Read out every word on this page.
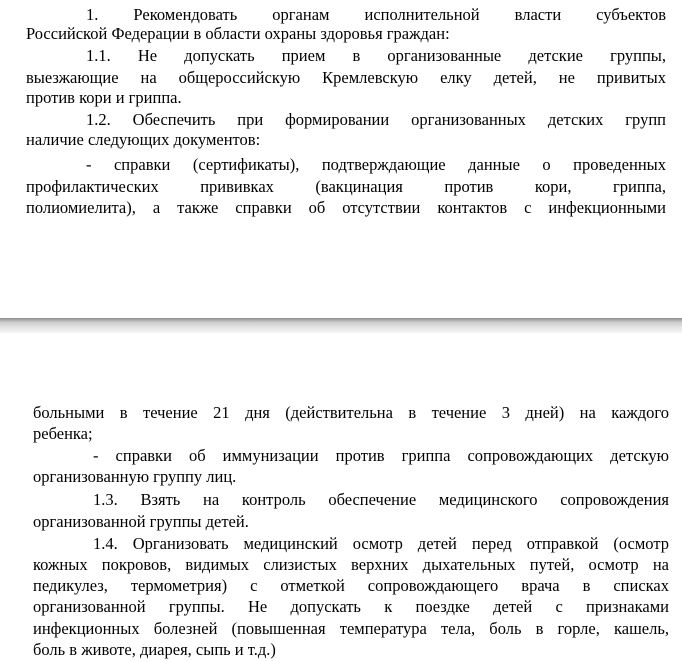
1. Рекомендовать органам исполнительной власти субъектов
Российской Федерации в области охраны здоровья граждан:
1.1. Не допускать прием в организованные детские группы,
выезжающие на общероссийскую Кремлевскую елку детей, не привитых
против кори и гриппа.
1.2. Обеспечить при формировании организованных детских групп
наличие следующих документов:
- справки (сертификаты), подтверждающие данные о проведенных
профилактических прививках (вакцинация против кори, гриппа,
полиомиелита), а также справки об отсутствии контактов с инфекционными
больными в течение 21 дня (действительна в течение 3 дней) на каждого
ребенка;
- справки об иммунизации против гриппа сопровождающих детскую
организованную группу лиц.
1.3. Взять на контроль обеспечение медицинского сопровождения
организованной группы детей.
1.4. Организовать медицинский осмотр детей перед отправкой (осмотр
кожных покровов, видимых слизистых верхних дыхательных путей, осмотр на
педикулез, термометрия) с отметкой сопровождающего врача в списках
организованной группы. Не допускать к поездке детей с признаками
инфекционных болезней (повышенная температура тела, боль в горле, кашель,
боль в животе, диарея, сыпь и т.д.)
